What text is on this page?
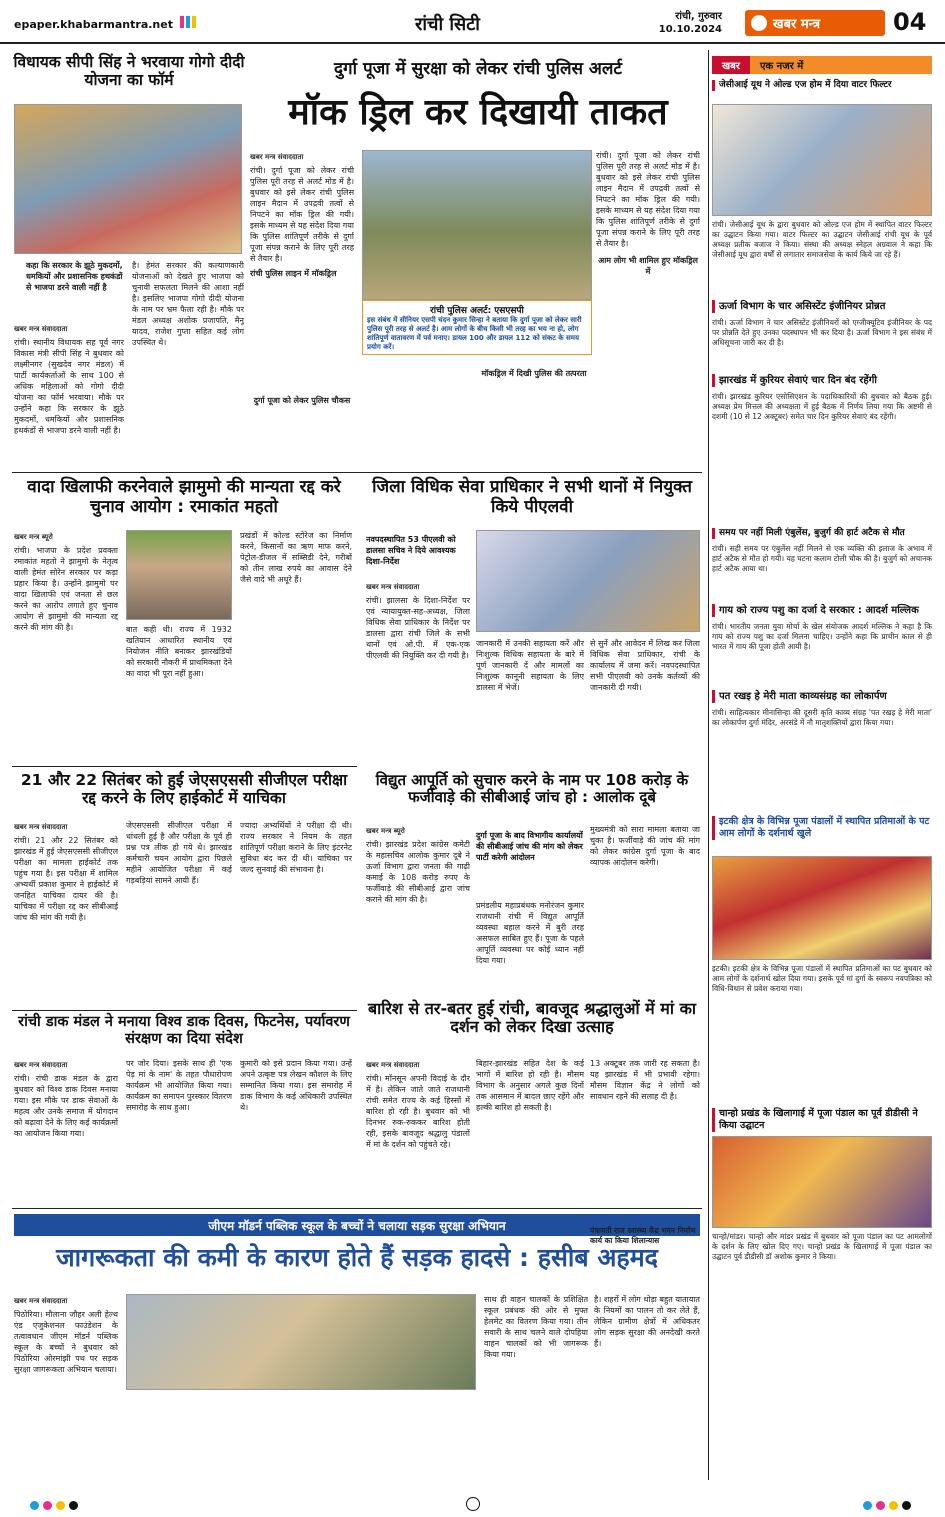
epaper.khabarmantra.net	रांची सिटी	रांची, गुरुवार
10.10.2024	खबर मन्त्र	04
विधायक सीपी सिंह ने भरवाया गोगो दीदी योजना का फॉर्म
कहा कि सरकार के झूठे मुकदमों, धमकियों और प्रशासनिक हथकंडों से भाजपा डरने वाली नहीं है
खबर मन्त्र संवाददाता
रांची। स्थानीय विधायक सह पूर्व नगर विकास मंत्री सीपी सिंह ने बुधवार को लक्ष्मीनगर (सुखदेव नगर मंडल) में पार्टी कार्यकर्ताओं के साथ 100 से अधिक महिलाओं को गोगो दीदी योजना का फॉर्म भरवाया। मौके पर उन्होंने कहा कि सरकार के झूठे मुकदमों, धमकियों और प्रशासनिक हथकंडों से भाजपा डरने वाली नहीं है।
है। हेमंत सरकार की कल्याणकारी योजनाओं को देखते हुए भाजपा को चुनावी सफलता मिलने की आशा नहीं है। इसलिए भाजपा गोगो दीदी योजना के नाम पर भ्रम फैला रही है। मौके पर मंडल अध्यक्ष अशोक प्रजापति, मैनू यादव, राजेश गुप्ता सहित कई लोग उपस्थित थे।
दुर्गा पूजा में सुरक्षा को लेकर रांची पुलिस अलर्ट
मॉक ड्रिल कर दिखायी ताकत
खबर मन्त्र संवाददाता
रांची। दुर्गा पूजा को लेकर रांची पुलिस पूरी तरह से अलर्ट मोड में है। बुधवार को इसे लेकर रांची पुलिस लाइन मैदान में उपद्रवी तत्वों से निपटने का मॉक ड्रिल की गयी। इसके माध्यम से यह संदेश दिया गया कि पुलिस शांतिपूर्ण तरीके से दुर्गा पूजा संपन्न कराने के लिए पूरी तरह से तैयार है।
रांची पुलिस लाइन में मॉकड्रिल
रांची पुलिस अलर्ट: एसएसपी
इस संबंध में सीनियर एसपी चंदन कुमार सिन्हा ने बताया कि दुर्गा पूजा को लेकर सारी पुलिस पूरी तरह से अलर्ट है। आम लोगों के बीच किसी भी तरह का भय ना हो, लोग शांतिपूर्ण वातावरण में पर्व मनाए। डायल 100 और डायल 112 को संकट के समय प्रयोग करें।
दुर्गा पूजा को लेकर पुलिस चौकस
मॉकड्रिल में दिखी पुलिस की तत्परता
रांची। दुर्गा पूजा को लेकर रांची पुलिस पूरी तरह से अलर्ट मोड में है। बुधवार को इसे लेकर रांची पुलिस लाइन मैदान में उपद्रवी तत्वों से निपटने का मॉक ड्रिल की गयी। इसके माध्यम से यह संदेश दिया गया कि पुलिस शांतिपूर्ण तरीके से दुर्गा पूजा संपन्न कराने के लिए पूरी तरह से तैयार है।
आम लोग भी शामिल हुए मॉकड्रिल में
वादा खिलाफी करनेवाले झामुमो की मान्यता रद्द करे चुनाव आयोग : रमाकांत महतो
खबर मन्त्र ब्यूरो
रांची। भाजपा के प्रदेश प्रवक्ता रमाकांत महतो ने झामुमो के नेतृत्व वाली हेमंत सोरेन सरकार पर कड़ा प्रहार किया है। उन्होंने झामुमो पर वादा खिलाफी एवं जनता से छल करने का आरोप लगाते हुए चुनाव आयोग से झामुमो की मान्यता रद्द करने की मांग की है।	बात कही थी। राज्य में 1932 खतियान आधारित स्थानीय एवं नियोजन नीति बनाकर झारखंडियों को सरकारी नौकरी में प्राथमिकता देने का वादा भी पूरा नहीं हुआ।
प्रखंडों में कोल्ड स्टोरेज का निर्माण करने, किसानों का ऋण माफ करने, पेट्रोल-डीजल में सब्सिडी देने, गरीबों को तीन लाख रुपये का आवास देने जैसे वादे भी अधूरे हैं।
जिला विधिक सेवा प्राधिकार ने सभी थानों में नियुक्त किये पीएलवी
नवपदस्थापित 53 पीएलवी को डालसा सचिव ने दिये आवश्यक दिशा-निर्देश
खबर मन्त्र संवाददाता
रांची। झालसा के दिशा-निर्देश पर एवं न्यायायुक्त-सह-अध्यक्ष, जिला विधिक सेवा प्राधिकार के निर्देश पर डालसा द्वारा रांची जिले के सभी थानों एवं ओ.पी. में एक-एक पीएलवी की नियुक्ति कर दी गयी है।
जानकारी में उनकी सहायता करें और निःशुल्क विधिक सहायता के बारे में पूर्ण जानकारी दें और मामलों का निःशुल्क कानूनी सहायता के लिए डालसा में भेजें।
से सुनें और आवेदन में लिख कर जिला विधिक सेवा प्राधिकार, रांची के कार्यालय में जमा करें। नवपदस्थापित सभी पीएलवी को उनके कर्तव्यों की जानकारी दी गयी।
21 और 22 सितंबर को हुई जेएसएससी सीजीएल परीक्षा रद्द करने के लिए हाईकोर्ट में याचिका
खबर मन्त्र संवाददाता
रांची। 21 और 22 सितंबर को झारखंड में हुई जेएसएससी सीजीएल परीक्षा का मामला हाईकोर्ट तक पहुंच गया है। इस परीक्षा में शामिल अभ्यर्थी प्रकाश कुमार ने हाईकोर्ट में जनहित याचिका दायर की है। याचिका में परीक्षा रद्द कर सीबीआई जांच की मांग की गयी है।
जेएसएससी सीजीएल परीक्षा में धांधली हुई है और परीक्षा के पूर्व ही प्रश्न पत्र लीक हो गये थे। झारखंड कर्मचारी चयन आयोग द्वारा पिछले महीने आयोजित परीक्षा में कई गड़बड़ियां सामने आयी हैं।
ज्यादा अभ्यर्थियों ने परीक्षा दी थी। राज्य सरकार ने नियम के तहत शांतिपूर्ण परीक्षा कराने के लिए इंटरनेट सुविधा बंद कर दी थी। याचिका पर जल्द सुनवाई की संभावना है।
विद्युत आपूर्ति को सुचारु करने के नाम पर 108 करोड़ के फर्जीवाड़े की सीबीआई जांच हो : आलोक दूबे
खबर मन्त्र ब्यूरो
रांची। झारखंड प्रदेश कांग्रेस कमेटी के महासचिव आलोक कुमार दूबे ने ऊर्जा विभाग द्वारा जनता की गाढ़ी कमाई के 108 करोड़ रुपए के फर्जीवाड़े की सीबीआई द्वारा जांच कराने की मांग की है।
दुर्गा पूजा के बाद विभागीय कार्यालयों की सीबीआई जांच की मांग को लेकर पार्टी करेगी आंदोलन
प्रमंडलीय महाप्रबंधक मनोरंजन कुमार राजधानी रांची में विद्युत आपूर्ति व्यवस्था बहाल करने में बुरी तरह असफल साबित हुए हैं। पूजा के पहले आपूर्ति व्यवस्था पर कोई ध्यान नहीं दिया गया।
मुख्यमंत्री को सारा मामला बताया जा चुका है। फर्जीवाड़े की जांच की मांग को लेकर कांग्रेस दुर्गा पूजा के बाद व्यापक आंदोलन करेगी।
रांची डाक मंडल ने मनाया विश्व डाक दिवस, फिटनेस, पर्यावरण संरक्षण का दिया संदेश
खबर मन्त्र संवाददाता
रांची। रांची डाक मंडल के द्वारा बुधवार को विश्व डाक दिवस मनाया गया। इस मौके पर डाक सेवाओं के महत्व और उनके समाज में योगदान को बढ़ावा देने के लिए कई कार्यक्रमों का आयोजन किया गया।
पर जोर दिया। इसके साथ ही 'एक पेड़ मां के नाम' के तहत पौधारोपण कार्यक्रम भी आयोजित किया गया। कार्यक्रम का समापन पुरस्कार वितरण समारोह के साथ हुआ।
कुमारी को इसे प्रदान किया गया। उन्हें अपने उत्कृष्ट पत्र लेखन कौशल के लिए सम्मानित किया गया। इस समारोह में डाक विभाग के कई अधिकारी उपस्थित थे।
बारिश से तर-बतर हुई रांची, बावजूद श्रद्धालुओं में मां का दर्शन को लेकर दिखा उत्साह
खबर मन्त्र संवाददाता
रांची। मॉनसून अपनी विदाई के दौर में है। लेकिन जाते जाते राजधानी रांची समेत राज्य के कई हिस्सों में बारिश हो रही है। बुधवार को भी दिनभर रुक-रुककर बारिश होती रही, इसके बावजूद श्रद्धालु पंडालों में मां के दर्शन को पहुंचते रहे।
बिहार-झारखंड सहित देश के कई भागों में बारिश हो रही है। मौसम विभाग के अनुसार अगले कुछ दिनों तक आसमान में बादल छाए रहेंगे और हल्की बारिश हो सकती है।
13 अक्टूबर तक जारी रह सकता है। यह झारखंड में भी प्रभावी रहेगा। मौसम विज्ञान केंद्र ने लोगों को सावधान रहने की सलाह दी है।
जीएम मॉडर्न पब्लिक स्कूल के बच्चों ने चलाया सड़क सुरक्षा अभियान
जागरूकता की कमी के कारण होते हैं सड़क हादसे : हसीब अहमद
खबर मन्त्र संवाददाता
पिठोरिया। मौलाना जौहर अली हेल्थ एंड एजुकेशनल फाउंडेशन के तत्वावधान जीएम मॉडर्न पब्लिक स्कूल के बच्चों ने बुधवार को पिठोरिया ओरमांझी पथ पर सड़क सुरक्षा जागरूकता अभियान चलाया।
साथ ही वाहन चालकों के प्रशिक्षित स्कूल प्रबंधक की ओर से मुफ्त हेलमेट का वितरण किया गया। तीन सवारी के साथ चलने वाले दोपहिया वाहन चालकों को भी जागरूक किया गया।
है। शहरों में लोग थोड़ा बहुत यातायात के नियमों का पालन तो कर लेते हैं, लेकिन ग्रामीण क्षेत्रों में अधिकतर लोग सड़क सुरक्षा की अनदेखी करते हैं।
खबर	एक नजर में
जेसीआई यूथ ने ओल्ड एज होम में दिया वाटर फिल्टर
रांची। जेसीआई यूथ के द्वारा बुधवार को ओल्ड एज होम में स्थापित वाटर फिल्टर का उद्घाटन किया गया। वाटर फिल्टर का उद्घाटन जेसीआई रांची यूथ के पूर्व अध्यक्ष प्रतीक बजाज ने किया। संस्था की अध्यक्ष स्नेहल अग्रवाल ने कहा कि जेसीआई यूथ द्वारा वर्षों से लगातार समाजसेवा के कार्य किये जा रहे हैं।
ऊर्जा विभाग के चार असिस्टेंट इंजीनियर प्रोन्नत
रांची। ऊर्जा विभाग ने चार असिस्टेंट इंजीनियरों को एग्जीक्यूटिव इंजीनियर के पद पर प्रोन्नति देते हुए उनका पदस्थापन भी कर दिया है। ऊर्जा विभाग ने इस संबंध में अधिसूचना जारी कर दी है।
झारखंड में कुरियर सेवाएं चार दिन बंद रहेंगी
रांची। झारखंड कुरियर एसोसिएशन के पदाधिकारियों की बुधवार को बैठक हुई। अध्यक्ष प्रेम मित्तल की अध्यक्षता में हुई बैठक में निर्णय लिया गया कि अष्टमी से दशमी (10 से 12 अक्टूबर) समेत चार दिन कुरियर सेवाएं बंद रहेंगी।
समय पर नहीं मिली एंबुलेंस, बुजुर्ग की हार्ट अटैक से मौत
रांची। सही समय पर एंबुलेंस नहीं मिलने से एक व्यक्ति की इलाज के अभाव में हार्ट अटैक से मौत हो गयी। यह घटना कलाम टोली चौक की है। बुजुर्ग को अचानक हार्ट अटैक आया था।
गाय को राज्य पशु का दर्जा दे सरकार : आदर्श मल्लिक
रांची। भारतीय जनता युवा मोर्चा के खेल संयोजक आदर्श मल्लिक ने कहा है कि गाय को राज्य पशु का दर्जा मिलना चाहिए। उन्होंने कहा कि प्राचीन काल से ही भारत में गाय की पूजा होती आयी है।
पत रखइ हे मेरी माता काव्यसंग्रह का लोकार्पण
रांची। साहित्यकार मीनासिन्हा की दूसरी कृति काव्य संग्रह 'पत रखइ हे मेरी माता' का लोकार्पण दुर्गा मंदिर, अरसंडे में नौ मातृशक्तियों द्वारा किया गया।
इटकी क्षेत्र के विभिन्न पूजा पंडालों में स्थापित प्रतिमाओं के पट आम लोगों के दर्शनार्थ खुले
इटकी। इटकी क्षेत्र के विभिन्न पूजा पंडालों में स्थापित प्रतिमाओं का पट बुधवार को आम लोगों के दर्शनार्थ खोल दिया गया। इसके पूर्व मां दुर्गा के स्वरूप नवपत्रिका को विधि-विधान से प्रवेश कराया गया।
चान्हो प्रखंड के खिलागाई में पूजा पंडाल का पूर्व डीडीसी ने किया उद्घाटन
चान्हो/मांडर। चान्हो और मांडर प्रखंड में बुधवार को पूजा पंडाल का पट आमलोगों के दर्शन के लिए खोल दिए गए। चान्हो प्रखंड के खिलागाई में पूजा पंडाल का उद्घाटन पूर्व डीडीसी डॉ अशोक कुमार ने किया।
पंचायती राज स्वास्थ्य केंद्र भवन निर्माण कार्य का किया शिलान्यास
